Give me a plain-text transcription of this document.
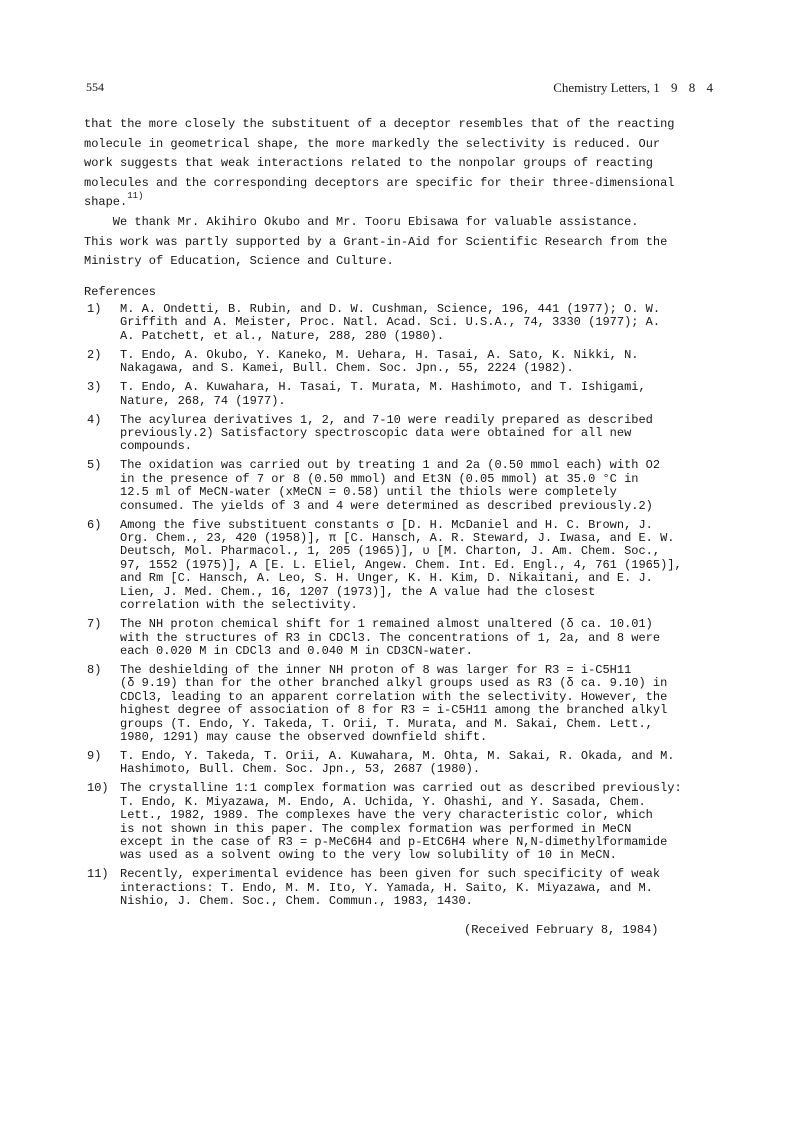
554	Chemistry Letters, 1 9 8 4
that the more closely the substituent of a deceptor resembles that of the reacting
molecule in geometrical shape, the more markedly the selectivity is reduced. Our
work suggests that weak interactions related to the nonpolar groups of reacting
molecules and the corresponding deceptors are specific for their three-dimensional
shape.$^{11)}$
We thank Mr. Akihiro Okubo and Mr. Tooru Ebisawa for valuable assistance.
This work was partly supported by a Grant-in-Aid for Scientific Research from the
Ministry of Education, Science and Culture.
References
1)	M. A. Ondetti, B. Rubin, and D. W. Cushman, Science, 196, 441 (1977); O. W.
Griffith and A. Meister, Proc. Natl. Acad. Sci. U.S.A., 74, 3330 (1977); A.
A. Patchett, et al., Nature, 288, 280 (1980).
2)	T. Endo, A. Okubo, Y. Kaneko, M. Uehara, H. Tasai, A. Sato, K. Nikki, N.
Nakagawa, and S. Kamei, Bull. Chem. Soc. Jpn., 55, 2224 (1982).
3)	T. Endo, A. Kuwahara, H. Tasai, T. Murata, M. Hashimoto, and T. Ishigami,
Nature, 268, 74 (1977).
4)	The acylurea derivatives 1, 2, and 7-10 were readily prepared as described
previously.2) Satisfactory spectroscopic data were obtained for all new
compounds.
5)	The oxidation was carried out by treating 1 and 2a (0.50 mmol each) with O2
in the presence of 7 or 8 (0.50 mmol) and Et3N (0.05 mmol) at 35.0 °C in
12.5 ml of MeCN-water (xMeCN = 0.58) until the thiols were completely
consumed. The yields of 3 and 4 were determined as described previously.2)
6)	Among the five substituent constants σ [D. H. McDaniel and H. C. Brown, J.
Org. Chem., 23, 420 (1958)], π [C. Hansch, A. R. Steward, J. Iwasa, and E. W.
Deutsch, Mol. Pharmacol., 1, 205 (1965)], υ [M. Charton, J. Am. Chem. Soc.,
97, 1552 (1975)], A [E. L. Eliel, Angew. Chem. Int. Ed. Engl., 4, 761 (1965)],
and Rm [C. Hansch, A. Leo, S. H. Unger, K. H. Kim, D. Nikaitani, and E. J.
Lien, J. Med. Chem., 16, 1207 (1973)], the A value had the closest
correlation with the selectivity.
7)	The NH proton chemical shift for 1 remained almost unaltered (δ ca. 10.01)
with the structures of R3 in CDCl3. The concentrations of 1, 2a, and 8 were
each 0.020 M in CDCl3 and 0.040 M in CD3CN-water.
8)	The deshielding of the inner NH proton of 8 was larger for R3 = i-C5H11
(δ 9.19) than for the other branched alkyl groups used as R3 (δ ca. 9.10) in
CDCl3, leading to an apparent correlation with the selectivity. However, the
highest degree of association of 8 for R3 = i-C5H11 among the branched alkyl
groups (T. Endo, Y. Takeda, T. Orii, T. Murata, and M. Sakai, Chem. Lett.,
1980, 1291) may cause the observed downfield shift.
9)	T. Endo, Y. Takeda, T. Orii, A. Kuwahara, M. Ohta, M. Sakai, R. Okada, and M.
Hashimoto, Bull. Chem. Soc. Jpn., 53, 2687 (1980).
10) The crystalline 1:1 complex formation was carried out as described previously:
T. Endo, K. Miyazawa, M. Endo, A. Uchida, Y. Ohashi, and Y. Sasada, Chem.
Lett., 1982, 1989. The complexes have the very characteristic color, which
is not shown in this paper. The complex formation was performed in MeCN
except in the case of R3 = p-MeC6H4 and p-EtC6H4 where N,N-dimethylformamide
was used as a solvent owing to the very low solubility of 10 in MeCN.
11) Recently, experimental evidence has been given for such specificity of weak
interactions: T. Endo, M. M. Ito, Y. Yamada, H. Saito, K. Miyazawa, and M.
Nishio, J. Chem. Soc., Chem. Commun., 1983, 1430.
(Received February 8, 1984)
